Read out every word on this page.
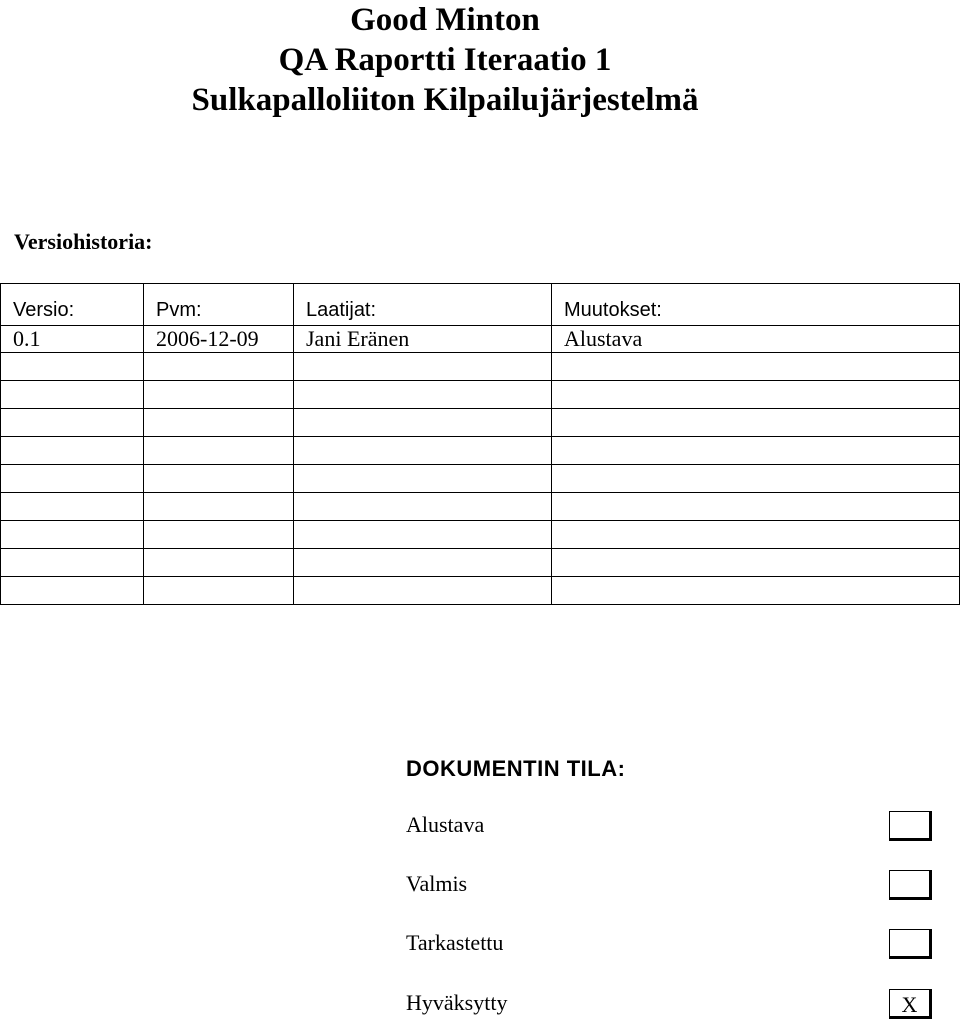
Good Minton
QA Raportti Iteraatio 1
Sulkapalloliiton Kilpailujärjestelmä
Versiohistoria:
Versio:	Pvm:	Laatijat:	Muutokset:
0.1	2006-12-09	Jani Eränen	Alustava

DOKUMENTIN TILA:
Alustava
Valmis
Tarkastettu
Hyväksytty	X
